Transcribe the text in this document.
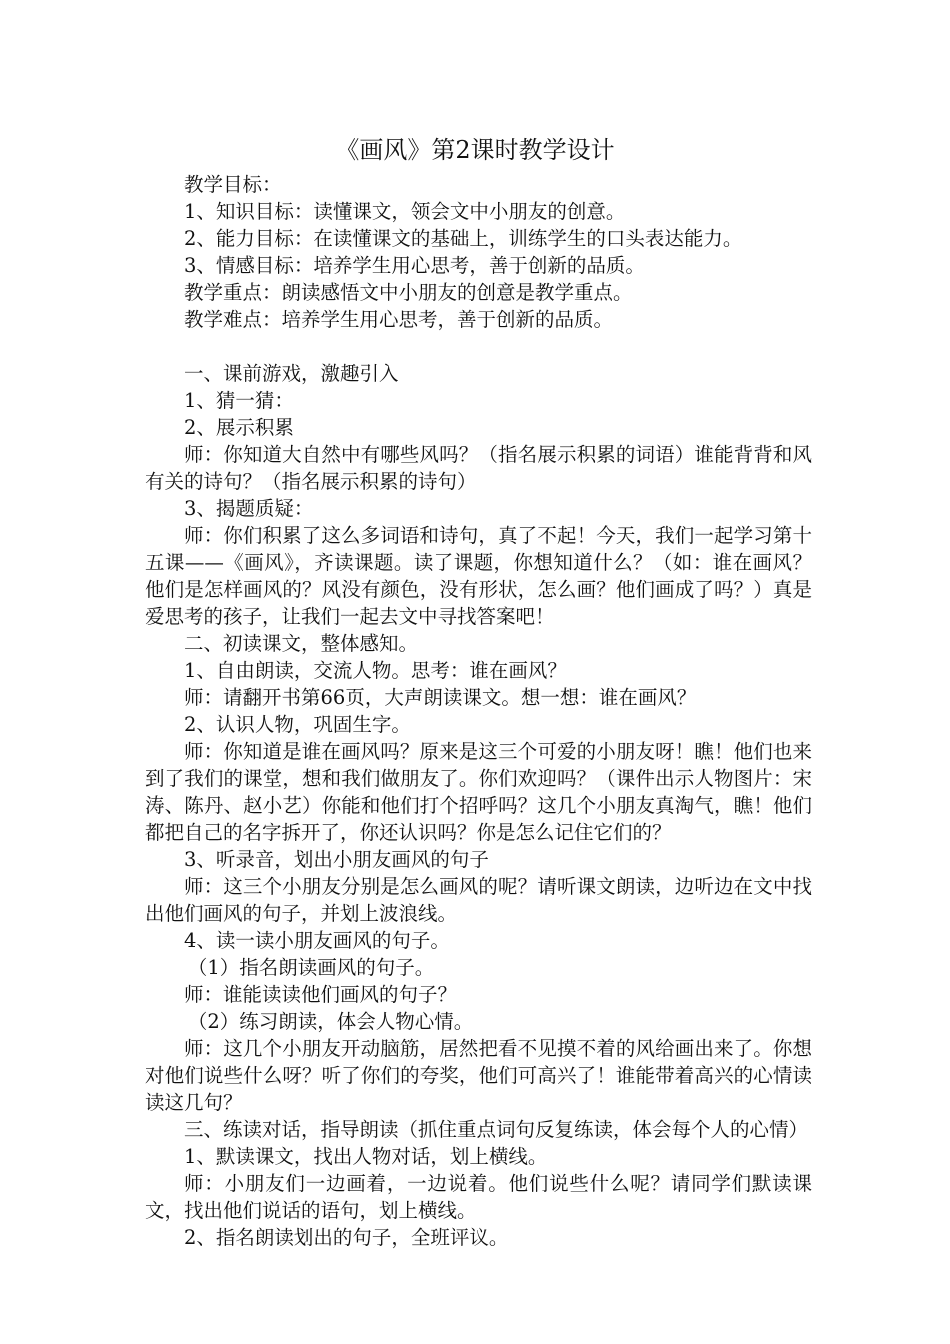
《画风》第2课时教学设计

教学目标：

1、知识目标：读懂课文，领会文中小朋友的创意。

2、能力目标：在读懂课文的基础上，训练学生的口头表达能力。

3、情感目标：培养学生用心思考，善于创新的品质。

教学重点：朗读感悟文中小朋友的创意是教学重点。

教学难点：培养学生用心思考，善于创新的品质。

一、课前游戏，激趣引入

1、猜一猜：

2、展示积累

师：你知道大自然中有哪些风吗？（指名展示积累的词语）谁能背背和风有关的诗句？（指名展示积累的诗句）

3、揭题质疑：

师：你们积累了这么多词语和诗句，真了不起！今天，我们一起学习第十五课——《画风》，齐读课题。读了课题，你想知道什么？（如：谁在画风？他们是怎样画风的？风没有颜色，没有形状，怎么画？他们画成了吗？）真是爱思考的孩子，让我们一起去文中寻找答案吧！

二、初读课文，整体感知。

1、自由朗读，交流人物。思考：谁在画风？

师：请翻开书第66页，大声朗读课文。想一想：谁在画风？

2、认识人物，巩固生字。

师：你知道是谁在画风吗？原来是这三个可爱的小朋友呀！瞧！他们也来到了我们的课堂，想和我们做朋友了。你们欢迎吗？（课件出示人物图片：宋涛、陈丹、赵小艺）你能和他们打个招呼吗？这几个小朋友真淘气，瞧！他们都把自己的名字拆开了，你还认识吗？你是怎么记住它们的？

3、听录音，划出小朋友画风的句子

师：这三个小朋友分别是怎么画风的呢？请听课文朗读，边听边在文中找出他们画风的句子，并划上波浪线。

4、读一读小朋友画风的句子。

（1）指名朗读画风的句子。

师：谁能读读他们画风的句子？

（2）练习朗读，体会人物心情。

师：这几个小朋友开动脑筋，居然把看不见摸不着的风给画出来了。你想对他们说些什么呀？听了你们的夸奖，他们可高兴了！谁能带着高兴的心情读读这几句？

三、练读对话，指导朗读（抓住重点词句反复练读，体会每个人的心情）

1、默读课文，找出人物对话，划上横线。

师：小朋友们一边画着，一边说着。他们说些什么呢？请同学们默读课文，找出他们说话的语句，划上横线。

2、指名朗读划出的句子，全班评议。
